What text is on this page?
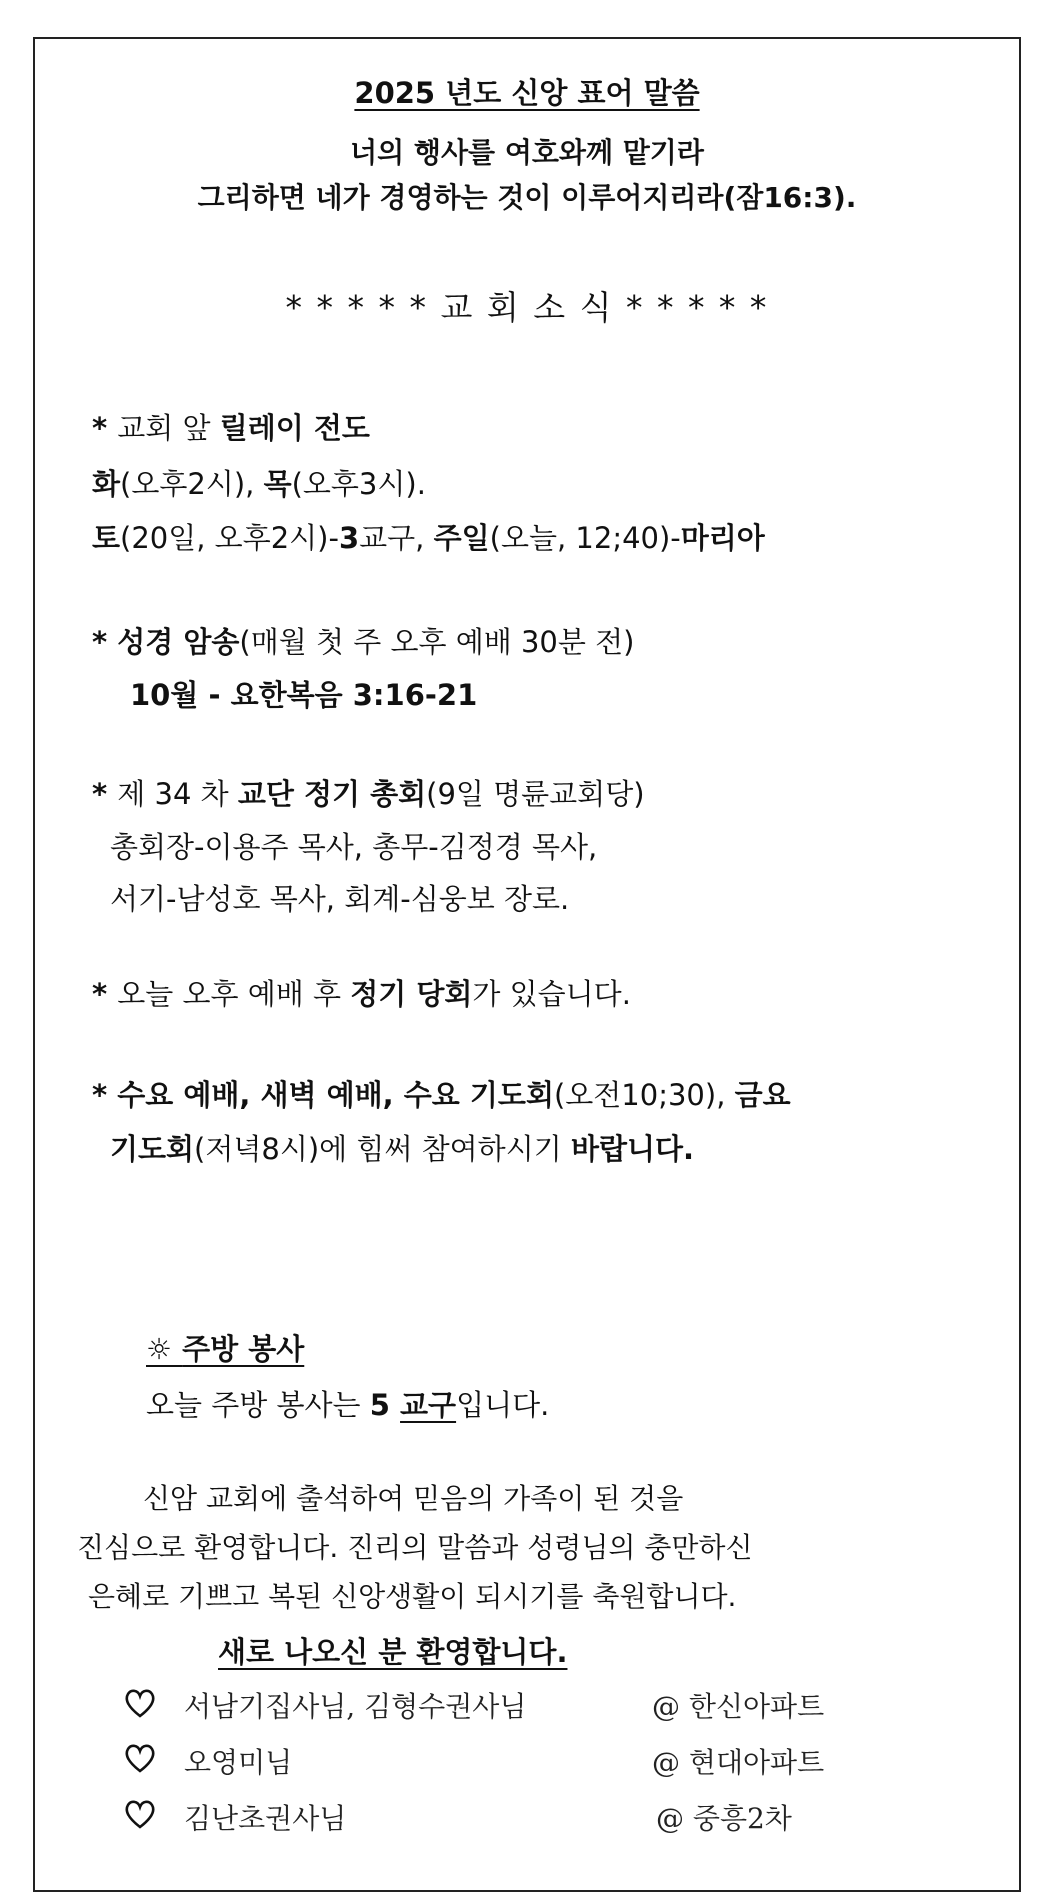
2025 년도 신앙 표어 말씀
너의 행사를 여호와께 맡기라
그리하면 네가 경영하는 것이 이루어지리라(잠16:3).
* * * * * 교 회 소 식 * * * * *
* 교회 앞 릴레이 전도
화(오후2시), 목(오후3시).
토(20일, 오후2시)-3교구, 주일(오늘, 12;40)-마리아
* 성경 암송(매월 첫 주 오후 예배 30분 전)
10월 - 요한복음 3:16-21
* 제 34 차 교단 정기 총회(9일 명륜교회당)
총회장-이용주 목사, 총무-김정경 목사,
서기-남성호 목사, 회계-심웅보 장로.
* 오늘 오후 예배 후 정기 당회가 있습니다.
* 수요 예배, 새벽 예배, 수요 기도회(오전10;30), 금요
기도회(저녁8시)에 힘써 참여하시기 바랍니다.
☼ 주방 봉사
오늘 주방 봉사는 5 교구입니다.
신암 교회에 출석하여 믿음의 가족이 된 것을
진심으로 환영합니다. 진리의 말씀과 성령님의 충만하신
은혜로 기쁘고 복된 신앙생활이 되시기를 축원합니다.
새로 나오신 분 환영합니다.
서남기집사님, 김형수권사님	@ 한신아파트
오영미님	@ 현대아파트
김난초권사님	@ 중흥2차
